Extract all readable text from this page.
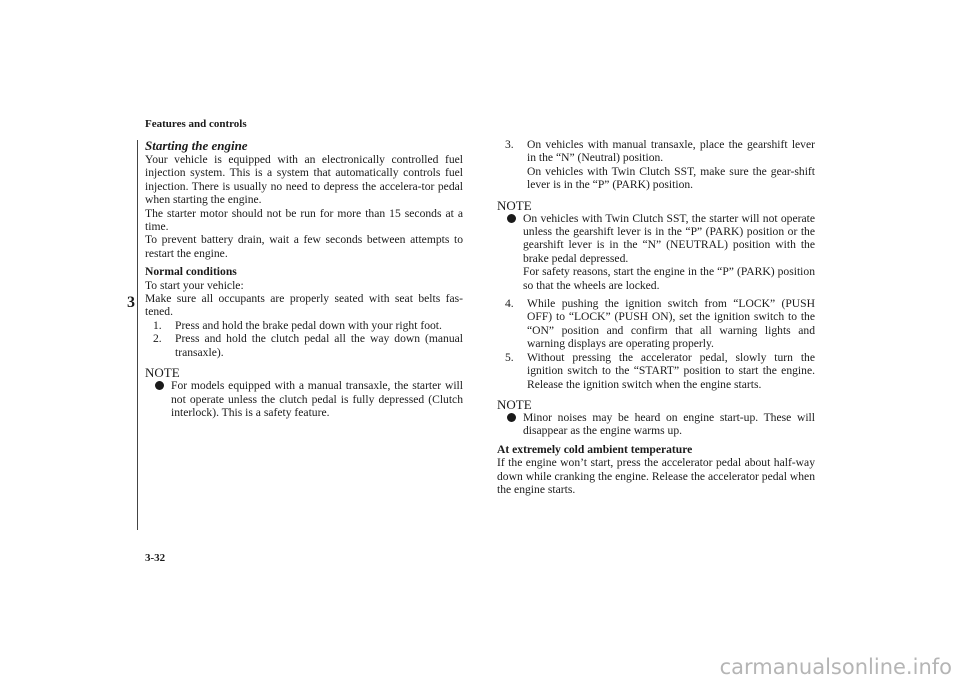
Features and controls
3
Starting the engine

Your vehicle is equipped with an electronically controlled fuel injection system. This is a system that automatically controls fuel injection. There is usually no need to depress the accelera-tor pedal when starting the engine.

The starter motor should not be run for more than 15 seconds at a time.

To prevent battery drain, wait a few seconds between attempts to restart the engine.

Normal conditions

To start your vehicle:

Make sure all occupants are properly seated with seat belts fas-tened.

1. Press and hold the brake pedal down with your right foot.
2. Press and hold the clutch pedal all the way down (manual transaxle).

NOTE

For models equipped with a manual transaxle, the starter will not operate unless the clutch pedal is fully depressed (Clutch interlock). This is a safety feature.
3. On vehicles with manual transaxle, place the gearshift lever in the “N” (Neutral) position.
On vehicles with Twin Clutch SST, make sure the gear-shift lever is in the “P” (PARK) position.

NOTE

On vehicles with Twin Clutch SST, the starter will not operate unless the gearshift lever is in the “P” (PARK) position or the gearshift lever is in the “N” (NEUTRAL) position with the brake pedal depressed.
For safety reasons, start the engine in the “P” (PARK) position so that the wheels are locked.
4. While pushing the ignition switch from “LOCK” (PUSH OFF) to “LOCK” (PUSH ON), set the ignition switch to the “ON” position and confirm that all warning lights and warning displays are operating properly.
5. Without pressing the accelerator pedal, slowly turn the ignition switch to the “START” position to start the engine. Release the ignition switch when the engine starts.

NOTE

Minor noises may be heard on engine start-up. These will disappear as the engine warms up.

At extremely cold ambient temperature

If the engine won’t start, press the accelerator pedal about half-way down while cranking the engine. Release the accelerator pedal when the engine starts.

3-32
carmanualsonline.info
